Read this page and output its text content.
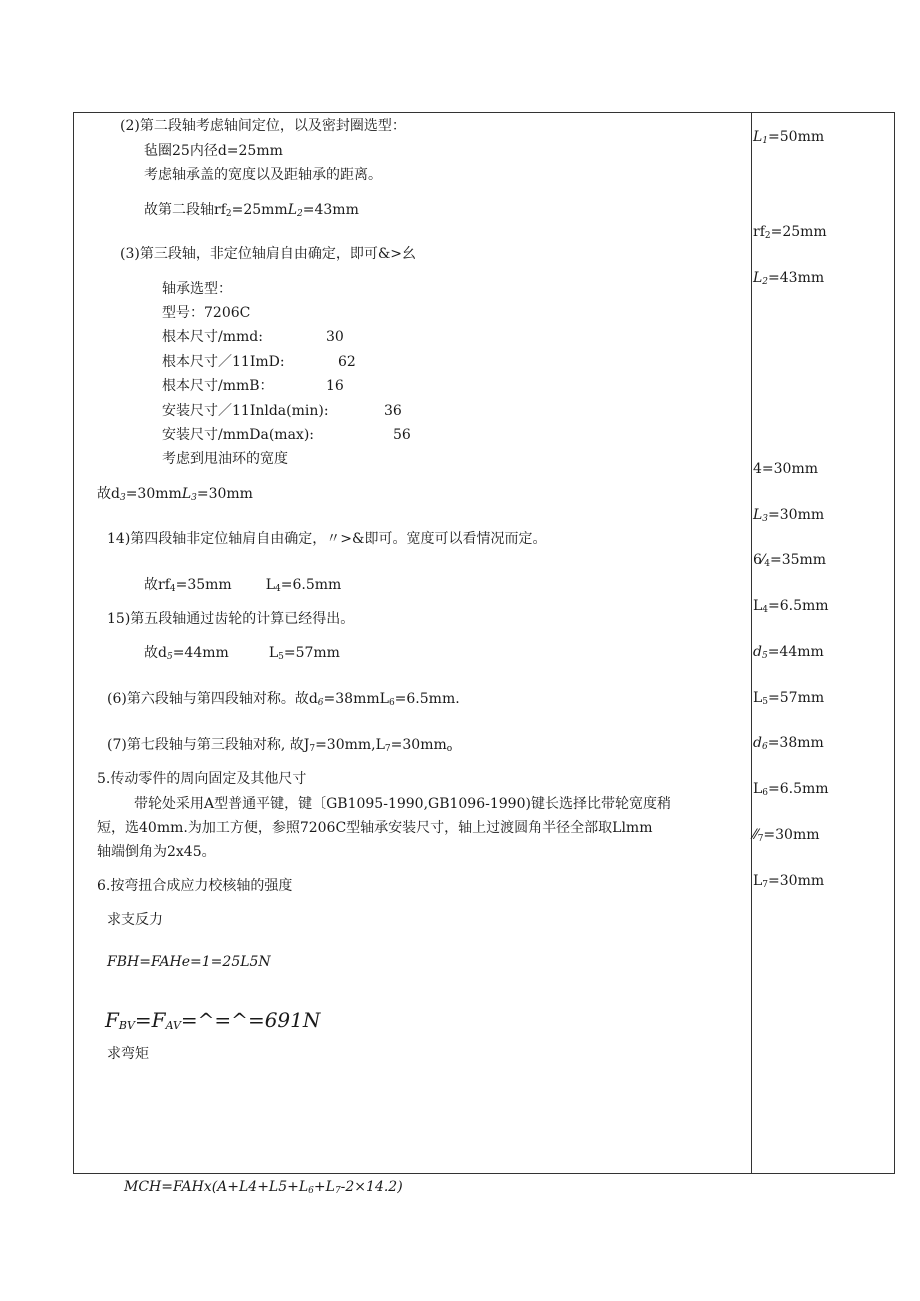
(2)第二段轴考虑轴间定位，以及密封圈选型：
毡圈25内径d=25mm
考虑轴承盖的宽度以及距轴承的距离。
故第二段轴$rf_2=25mmL_2=43mm$
(3)第三段轴，非定位轴肩自由确定，即可&>幺
轴承选型：
型号：7206C
根本尺寸/mmd:	30
根本尺寸／11ImD:	62
根本尺寸/mmB：	16
安装尺寸／11Inlda(min):	36
安装尺寸/mmDa(max):	56
考虑到甩油环的宽度
故$d_3=30mmL_3=30mm$
14)第四段轴非定位轴肩自由确定，〃>&即可。宽度可以看情况而定。
故$rf_4=35mm$ $L_4=6.5mm$
15)第五段轴通过齿轮的计算已经得出。
故$d_5=44mm$	$L_5=57mm$
(6)第六段轴与第四段轴对称。故$d_6=38mmL_6=6.5mm$.
(7)第七段轴与第三段轴对称, 故$J_7=30mm,L_7=30mm_o$
5.传动零件的周向固定及其他尺寸
带轮处采用A型普通平键，键〔GB1095-1990,GB1096-1990)键长选择比带轮宽度稍
短，选40mm.为加工方便，参照7206C型轴承安装尺寸，轴上过渡圆角半径全部取Llmm
轴端倒角为2x45。
6.按弯扭合成应力校核轴的强度
求支反力
FBH=FAHe=1=25L5N
$F_{BV}=F_{AV}=\^{}=\^{}=691N$
求弯矩
$MCH=FAHx(A+L4+L5+L_6+L_7-2\times 14.2)$
$L_1=50mm$
$rf_2=25mm$
$L_2=43mm$
4=30mm
$L_3=30mm$
$6⁄_4=35mm$
$L_4=6.5mm$
$d_5=44mm$
$L_5=57mm$
$d_6=38mm$
$L_6=6.5mm$
$⁄⁄_7=30mm$
$L_7=30mm$
